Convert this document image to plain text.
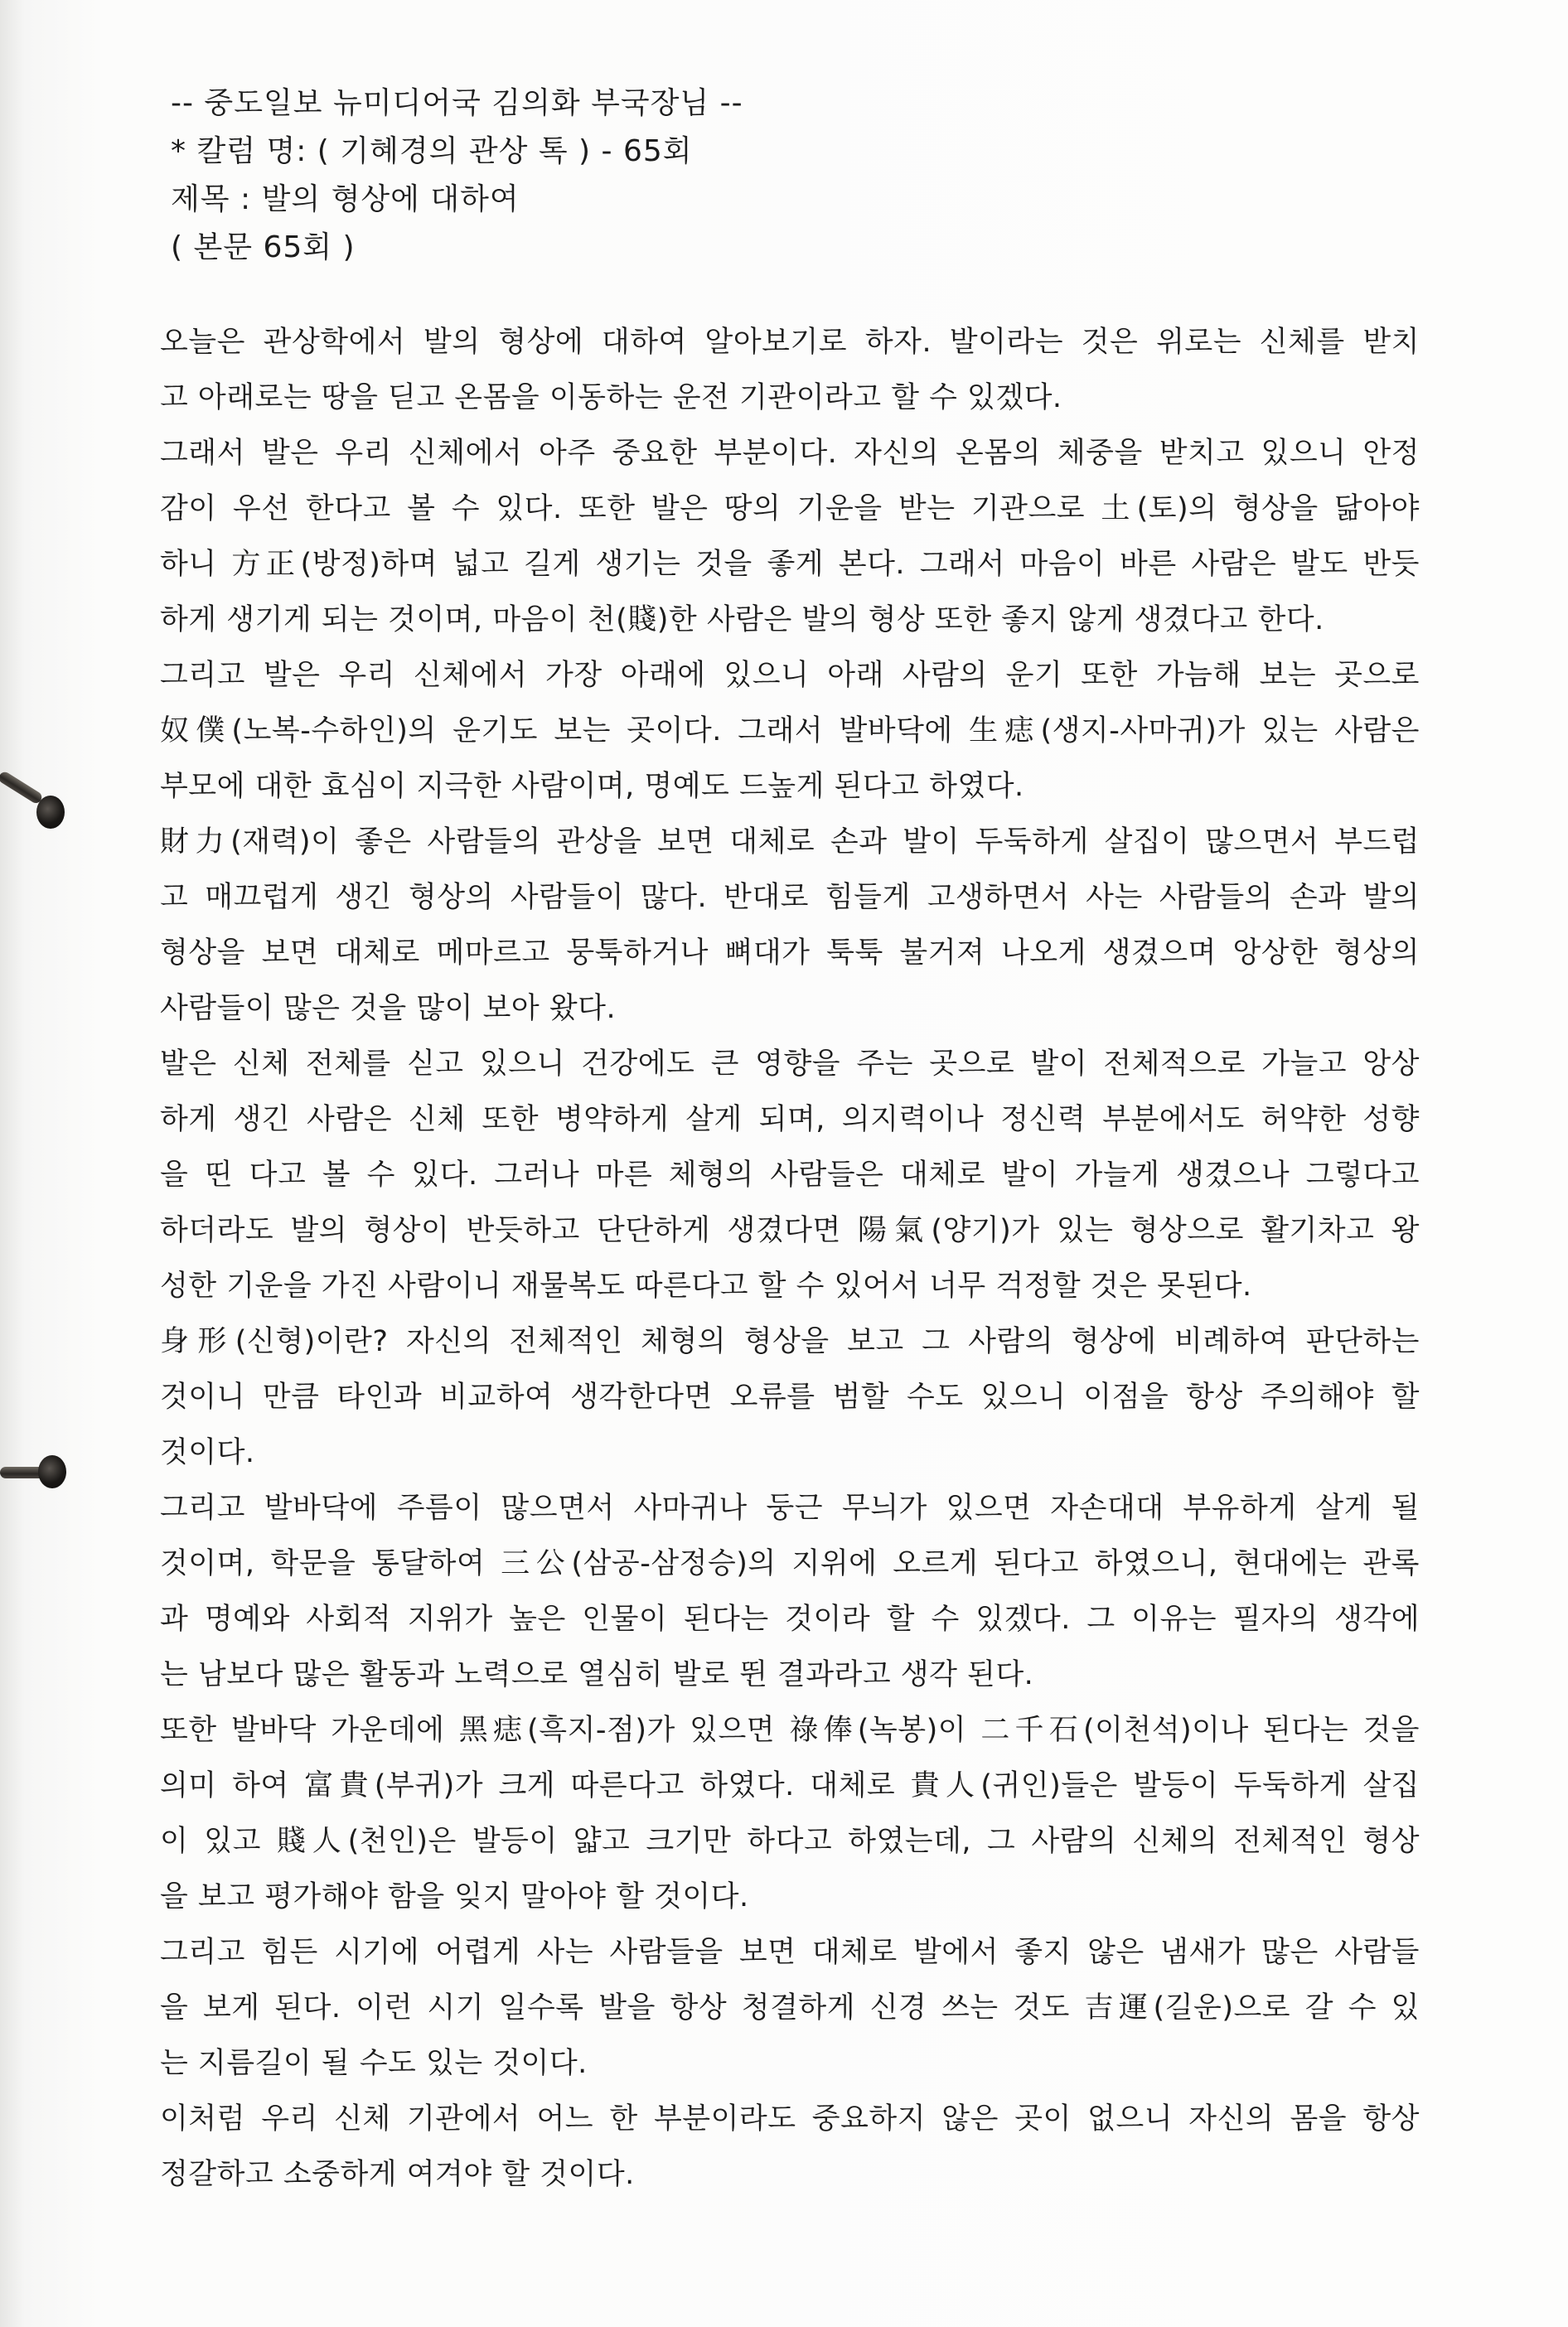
-- 중도일보 뉴미디어국 김의화 부국장님 --
* 칼럼 명: ( 기혜경의 관상 톡 ) - 65회
제목 : 발의 형상에 대하여
( 본문 65회 )
오늘은 관상학에서 발의 형상에 대하여 알아보기로 하자. 발이라는 것은 위로는 신체를 받치
고 아래로는 땅을 딛고 온몸을 이동하는 운전 기관이라고 할 수 있겠다.
그래서 발은 우리 신체에서 아주 중요한 부분이다. 자신의 온몸의 체중을 받치고 있으니 안정
감이 우선 한다고 볼 수 있다. 또한 발은 땅의 기운을 받는 기관으로 土(토)의 형상을 닮아야
하니 方正(방정)하며 넓고 길게 생기는 것을 좋게 본다. 그래서 마음이 바른 사람은 발도 반듯
하게 생기게 되는 것이며, 마음이 천(賤)한 사람은 발의 형상 또한 좋지 않게 생겼다고 한다.
그리고 발은 우리 신체에서 가장 아래에 있으니 아래 사람의 운기 또한 가늠해 보는 곳으로
奴僕(노복-수하인)의 운기도 보는 곳이다. 그래서 발바닥에 生痣(생지-사마귀)가 있는 사람은
부모에 대한 효심이 지극한 사람이며, 명예도 드높게 된다고 하였다.
財力(재력)이 좋은 사람들의 관상을 보면 대체로 손과 발이 두둑하게 살집이 많으면서 부드럽
고 매끄럽게 생긴 형상의 사람들이 많다. 반대로 힘들게 고생하면서 사는 사람들의 손과 발의
형상을 보면 대체로 메마르고 뭉툭하거나 뼈대가 툭툭 불거져 나오게 생겼으며 앙상한 형상의
사람들이 많은 것을 많이 보아 왔다.
발은 신체 전체를 싣고 있으니 건강에도 큰 영향을 주는 곳으로 발이 전체적으로 가늘고 앙상
하게 생긴 사람은 신체 또한 병약하게 살게 되며, 의지력이나 정신력 부분에서도 허약한 성향
을 띤 다고 볼 수 있다. 그러나 마른 체형의 사람들은 대체로 발이 가늘게 생겼으나 그렇다고
하더라도 발의 형상이 반듯하고 단단하게 생겼다면 陽氣(양기)가 있는 형상으로 활기차고 왕
성한 기운을 가진 사람이니 재물복도 따른다고 할 수 있어서 너무 걱정할 것은 못된다.
身形(신형)이란? 자신의 전체적인 체형의 형상을 보고 그 사람의 형상에 비례하여 판단하는
것이니 만큼 타인과 비교하여 생각한다면 오류를 범할 수도 있으니 이점을 항상 주의해야 할
것이다.
그리고 발바닥에 주름이 많으면서 사마귀나 둥근 무늬가 있으면 자손대대 부유하게 살게 될
것이며, 학문을 통달하여 三公(삼공-삼정승)의 지위에 오르게 된다고 하였으니, 현대에는 관록
과 명예와 사회적 지위가 높은 인물이 된다는 것이라 할 수 있겠다. 그 이유는 필자의 생각에
는 남보다 많은 활동과 노력으로 열심히 발로 뛴 결과라고 생각 된다.
또한 발바닥 가운데에 黑痣(흑지-점)가 있으면 祿俸(녹봉)이 二千石(이천석)이나 된다는 것을
의미 하여 富貴(부귀)가 크게 따른다고 하였다. 대체로 貴人(귀인)들은 발등이 두둑하게 살집
이 있고 賤人(천인)은 발등이 얇고 크기만 하다고 하였는데, 그 사람의 신체의 전체적인 형상
을 보고 평가해야 함을 잊지 말아야 할 것이다.
그리고 힘든 시기에 어렵게 사는 사람들을 보면 대체로 발에서 좋지 않은 냄새가 많은 사람들
을 보게 된다. 이런 시기 일수록 발을 항상 청결하게 신경 쓰는 것도 吉運(길운)으로 갈 수 있
는 지름길이 될 수도 있는 것이다.
이처럼 우리 신체 기관에서 어느 한 부분이라도 중요하지 않은 곳이 없으니 자신의 몸을 항상
정갈하고 소중하게 여겨야 할 것이다.
